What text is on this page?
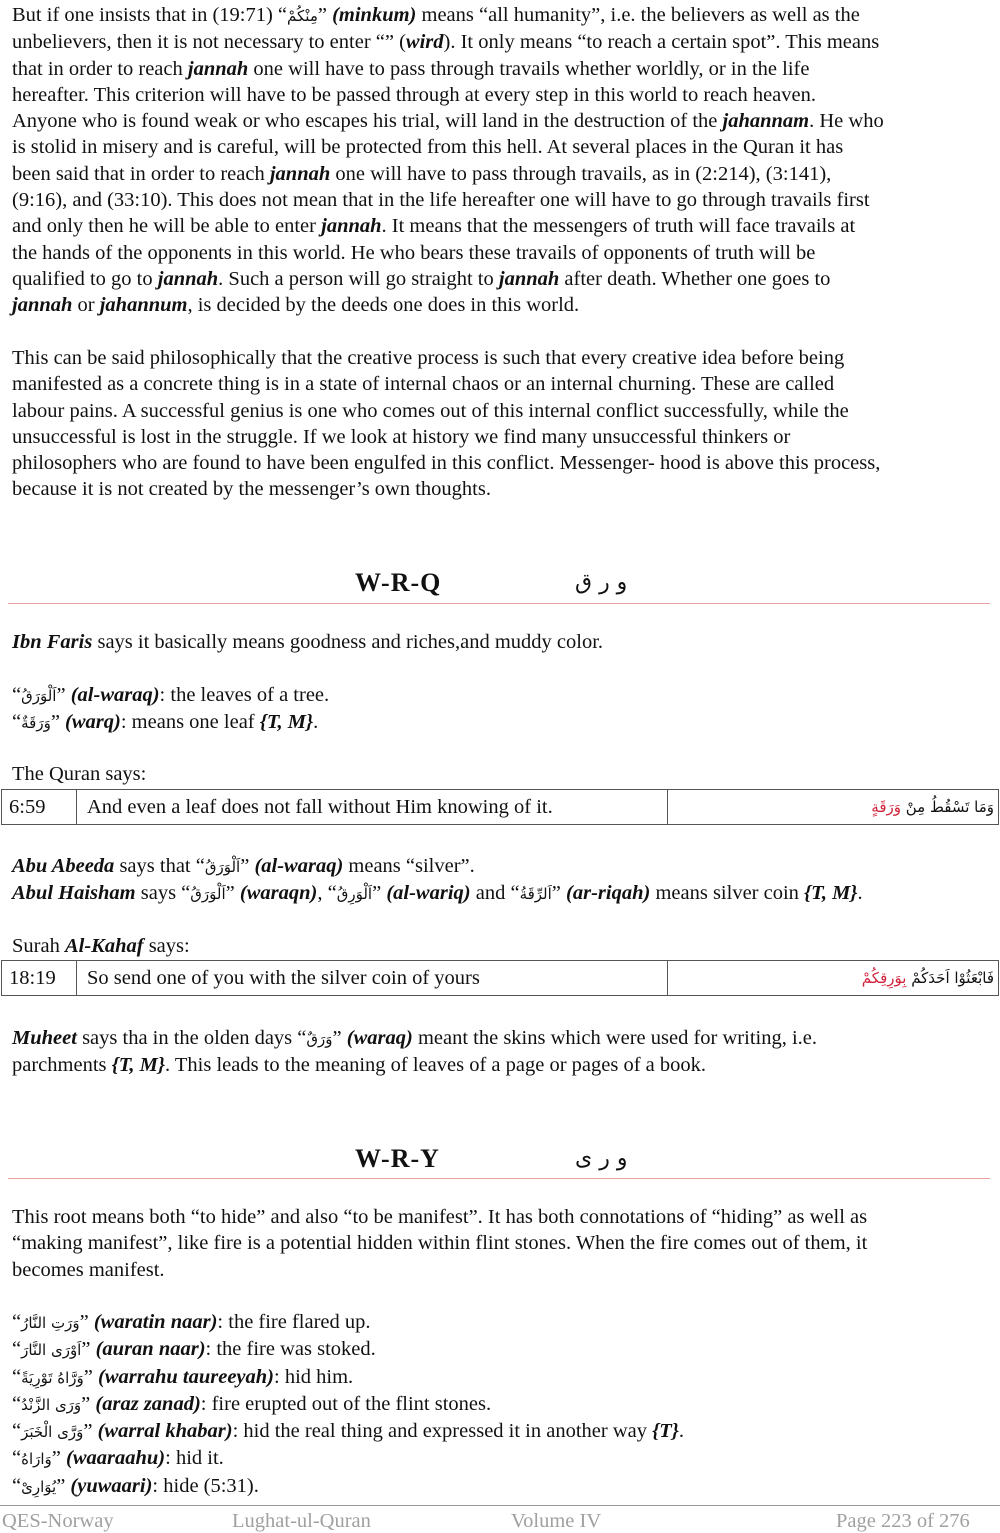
But if one insists that in (19:71) “مِنْكُمْ” (minkum) means “all humanity”, i.e. the believers as well as the
unbelievers, then it is not necessary to enter “” (wird). It only means “to reach a certain spot”. This means
that in order to reach jannah one will have to pass through travails whether worldly, or in the life
hereafter. This criterion will have to be passed through at every step in this world to reach heaven.
Anyone who is found weak or who escapes his trial, will land in the destruction of the jahannam. He who
is stolid in misery and is careful, will be protected from this hell. At several places in the Quran it has
been said that in order to reach jannah one will have to pass through travails, as in (2:214), (3:141),
(9:16), and (33:10). This does not mean that in the life hereafter one will have to go through travails first
and only then he will be able to enter jannah. It means that the messengers of truth will face travails at
the hands of the opponents in this world. He who bears these travails of opponents of truth will be
qualified to go to jannah. Such a person will go straight to jannah after death. Whether one goes to
jannah or jahannum, is decided by the deeds one does in this world.
This can be said philosophically that the creative process is such that every creative idea before being
manifested as a concrete thing is in a state of internal chaos or an internal churning. These are called
labour pains. A successful genius is one who comes out of this internal conflict successfully, while the
unsuccessful is lost in the struggle. If we look at history we find many unsuccessful thinkers or
philosophers who are found to have been engulfed in this conflict. Messenger- hood is above this process,
because it is not created by the messenger’s own thoughts.
W-R-Q	و ر ق
Ibn Faris says it basically means goodness and riches,and muddy color.
“اَلْوَرَقُ” (al-waraq): the leaves of a tree.
“وَرَقَةٌ” (warq): means one leaf {T, M}.
The Quran says:
6:59	And even a leaf does not fall without Him knowing of it.	وَمَا تَسْقُطُ مِنْ وَرَقَةٍ
Abu Abeeda says that “اَلْوَرَقُ” (al-waraq) means “silver”.
Abul Haisham says “اَلْوَرَقُ” (waraqn), “اَلْوَرِقُ” (al-wariq) and “اَلرِّقَةُ” (ar-riqah) means silver coin {T, M}.
Surah Al-Kahaf says:
18:19	So send one of you with the silver coin of yours	فَابْعَثُوْا اَحَدَكُمْ بِوَرِقِكُمْ
Muheet says tha in the olden days “وَرَقٌ” (waraq) meant the skins which were used for writing, i.e.
parchments {T, M}. This leads to the meaning of leaves of a page or pages of a book.
W-R-Y	و ر ی
This root means both “to hide” and also “to be manifest”. It has both connotations of “hiding” as well as
“making manifest”, like fire is a potential hidden within flint stones. When the fire comes out of them, it
becomes manifest.
“وَرَتِ النَّارُ” (waratin naar): the fire flared up.
“اَوْرَی النَّارَ” (auran naar): the fire was stoked.
“وَرَّاهُ تَوْرِيَةً” (warrahu taureeyah): hid him.
“وَرَی الزَّنْدُ” (araz zanad): fire erupted out of the flint stones.
“وَرَّی الْخَبَرَ” (warral khabar): hid the real thing and expressed it in another way {T}.
“وَارَاهُ” (waaraahu): hid it.
“يُوَارِیْ” (yuwaari): hide (5:31).
QES-Norway	Lughat-ul-Quran	Volume IV	Page 223 of 276
